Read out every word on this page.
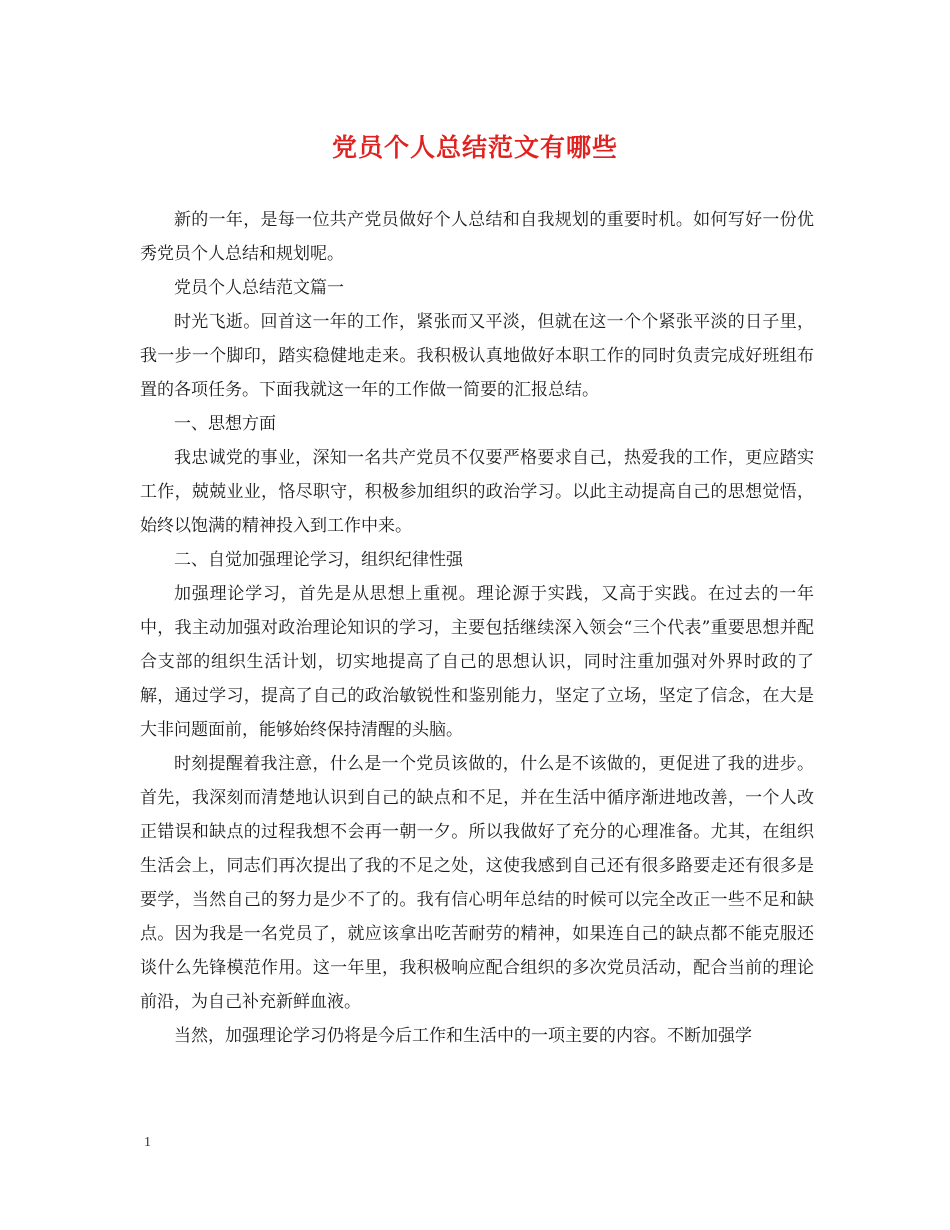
党员个人总结范文有哪些

新的一年，是每一位共产党员做好个人总结和自我规划的重要时机。如何写好一份优秀党员个人总结和规划呢。

党员个人总结范文篇一

时光飞逝。回首这一年的工作，紧张而又平淡，但就在这一个个紧张平淡的日子里，我一步一个脚印，踏实稳健地走来。我积极认真地做好本职工作的同时负责完成好班组布置的各项任务。下面我就这一年的工作做一简要的汇报总结。

一、思想方面

我忠诚党的事业，深知一名共产党员不仅要严格要求自己，热爱我的工作，更应踏实工作，兢兢业业，恪尽职守，积极参加组织的政治学习。以此主动提高自己的思想觉悟，始终以饱满的精神投入到工作中来。

二、自觉加强理论学习，组织纪律性强

加强理论学习，首先是从思想上重视。理论源于实践，又高于实践。在过去的一年中，我主动加强对政治理论知识的学习，主要包括继续深入领会“三个代表”重要思想并配合支部的组织生活计划，切实地提高了自己的思想认识，同时注重加强对外界时政的了解，通过学习，提高了自己的政治敏锐性和鉴别能力，坚定了立场，坚定了信念，在大是大非问题面前，能够始终保持清醒的头脑。

时刻提醒着我注意，什么是一个党员该做的，什么是不该做的，更促进了我的进步。首先，我深刻而清楚地认识到自己的缺点和不足，并在生活中循序渐进地改善，一个人改正错误和缺点的过程我想不会再一朝一夕。所以我做好了充分的心理准备。尤其，在组织生活会上，同志们再次提出了我的不足之处，这使我感到自己还有很多路要走还有很多是要学，当然自己的努力是少不了的。我有信心明年总结的时候可以完全改正一些不足和缺点。因为我是一名党员了，就应该拿出吃苦耐劳的精神，如果连自己的缺点都不能克服还谈什么先锋模范作用。这一年里，我积极响应配合组织的多次党员活动，配合当前的理论前沿，为自己补充新鲜血液。

当然，加强理论学习仍将是今后工作和生活中的一项主要的内容。不断加强学

1
